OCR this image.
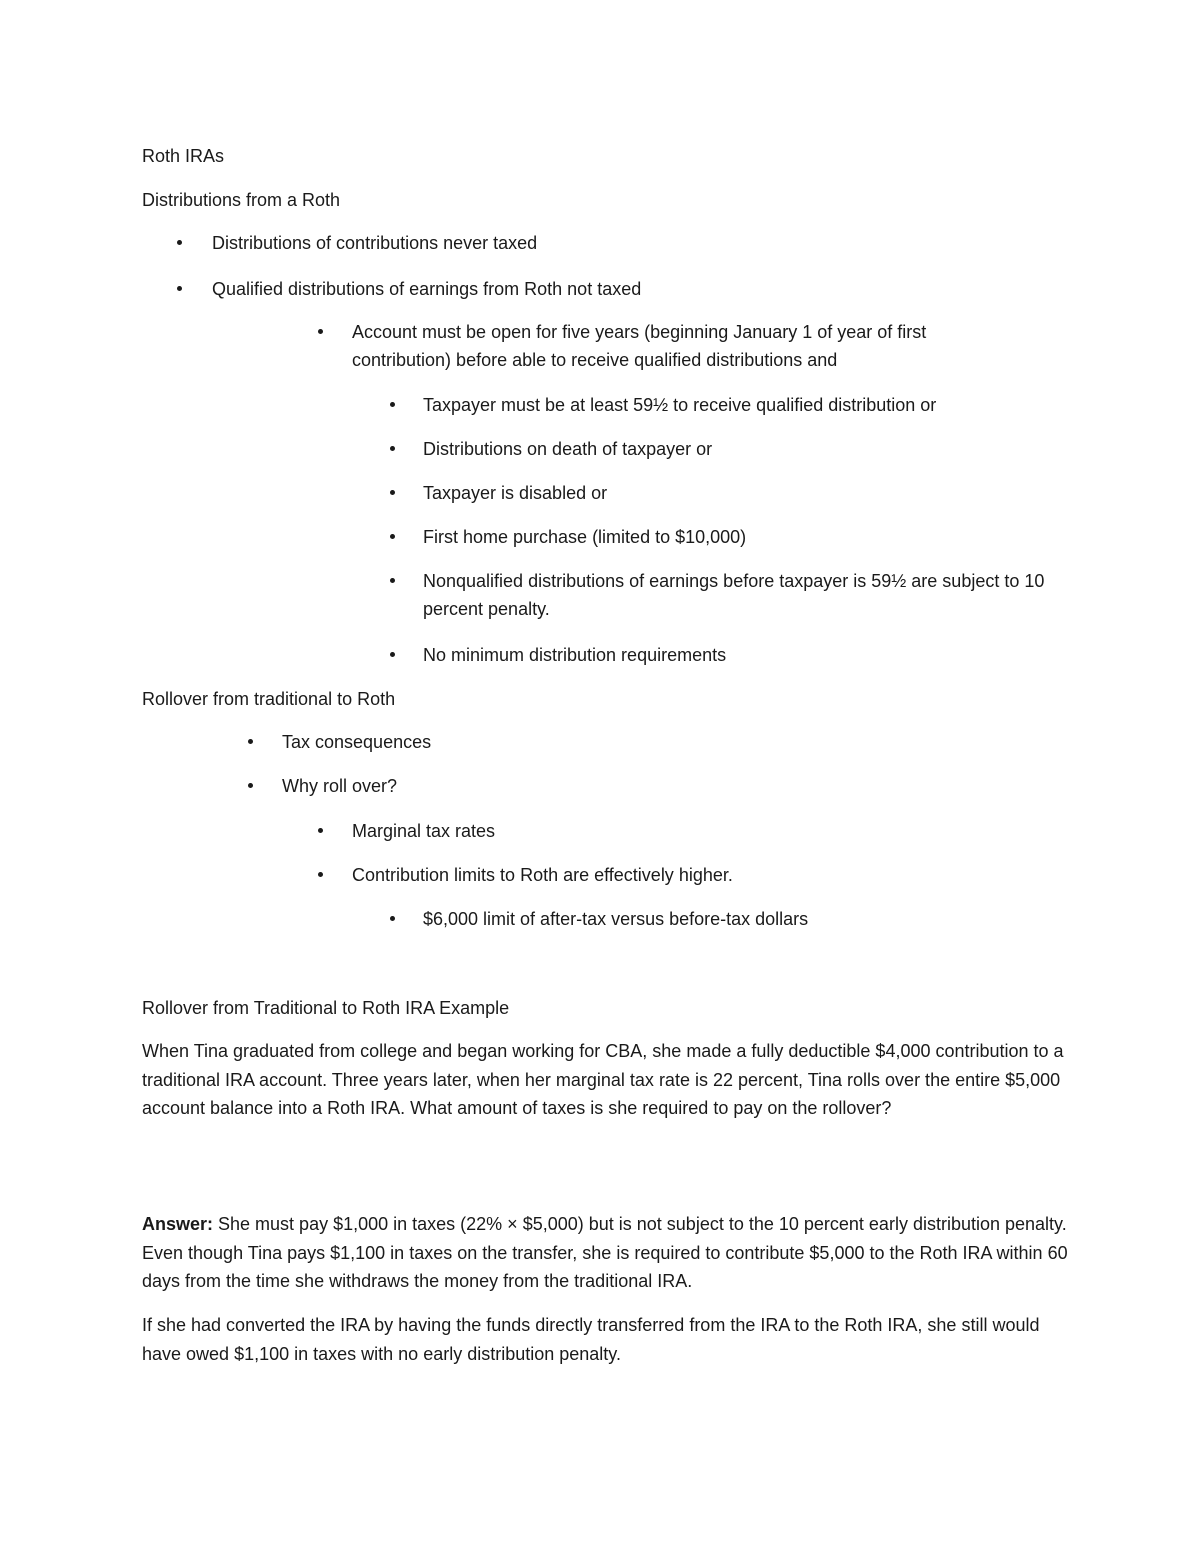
Roth IRAs
Distributions from a Roth
Distributions of contributions never taxed
Qualified distributions of earnings from Roth not taxed
Account must be open for five years (beginning January 1 of year of first contribution) before able to receive qualified distributions and
Taxpayer must be at least 59½ to receive qualified distribution or
Distributions on death of taxpayer or
Taxpayer is disabled or
First home purchase (limited to $10,000)
Nonqualified distributions of earnings before taxpayer is 59½ are subject to 10 percent penalty.
No minimum distribution requirements
Rollover from traditional to Roth
Tax consequences
Why roll over?
Marginal tax rates
Contribution limits to Roth are effectively higher.
$6,000 limit of after-tax versus before-tax dollars
Rollover from Traditional to Roth IRA Example
When Tina graduated from college and began working for CBA, she made a fully deductible $4,000 contribution to a traditional IRA account. Three years later, when her marginal tax rate is 22 percent, Tina rolls over the entire $5,000 account balance into a Roth IRA. What amount of taxes is she required to pay on the rollover?
Answer: She must pay $1,000 in taxes (22% × $5,000) but is not subject to the 10 percent early distribution penalty. Even though Tina pays $1,100 in taxes on the transfer, she is required to contribute $5,000 to the Roth IRA within 60 days from the time she withdraws the money from the traditional IRA.
If she had converted the IRA by having the funds directly transferred from the IRA to the Roth IRA, she still would have owed $1,100 in taxes with no early distribution penalty.
